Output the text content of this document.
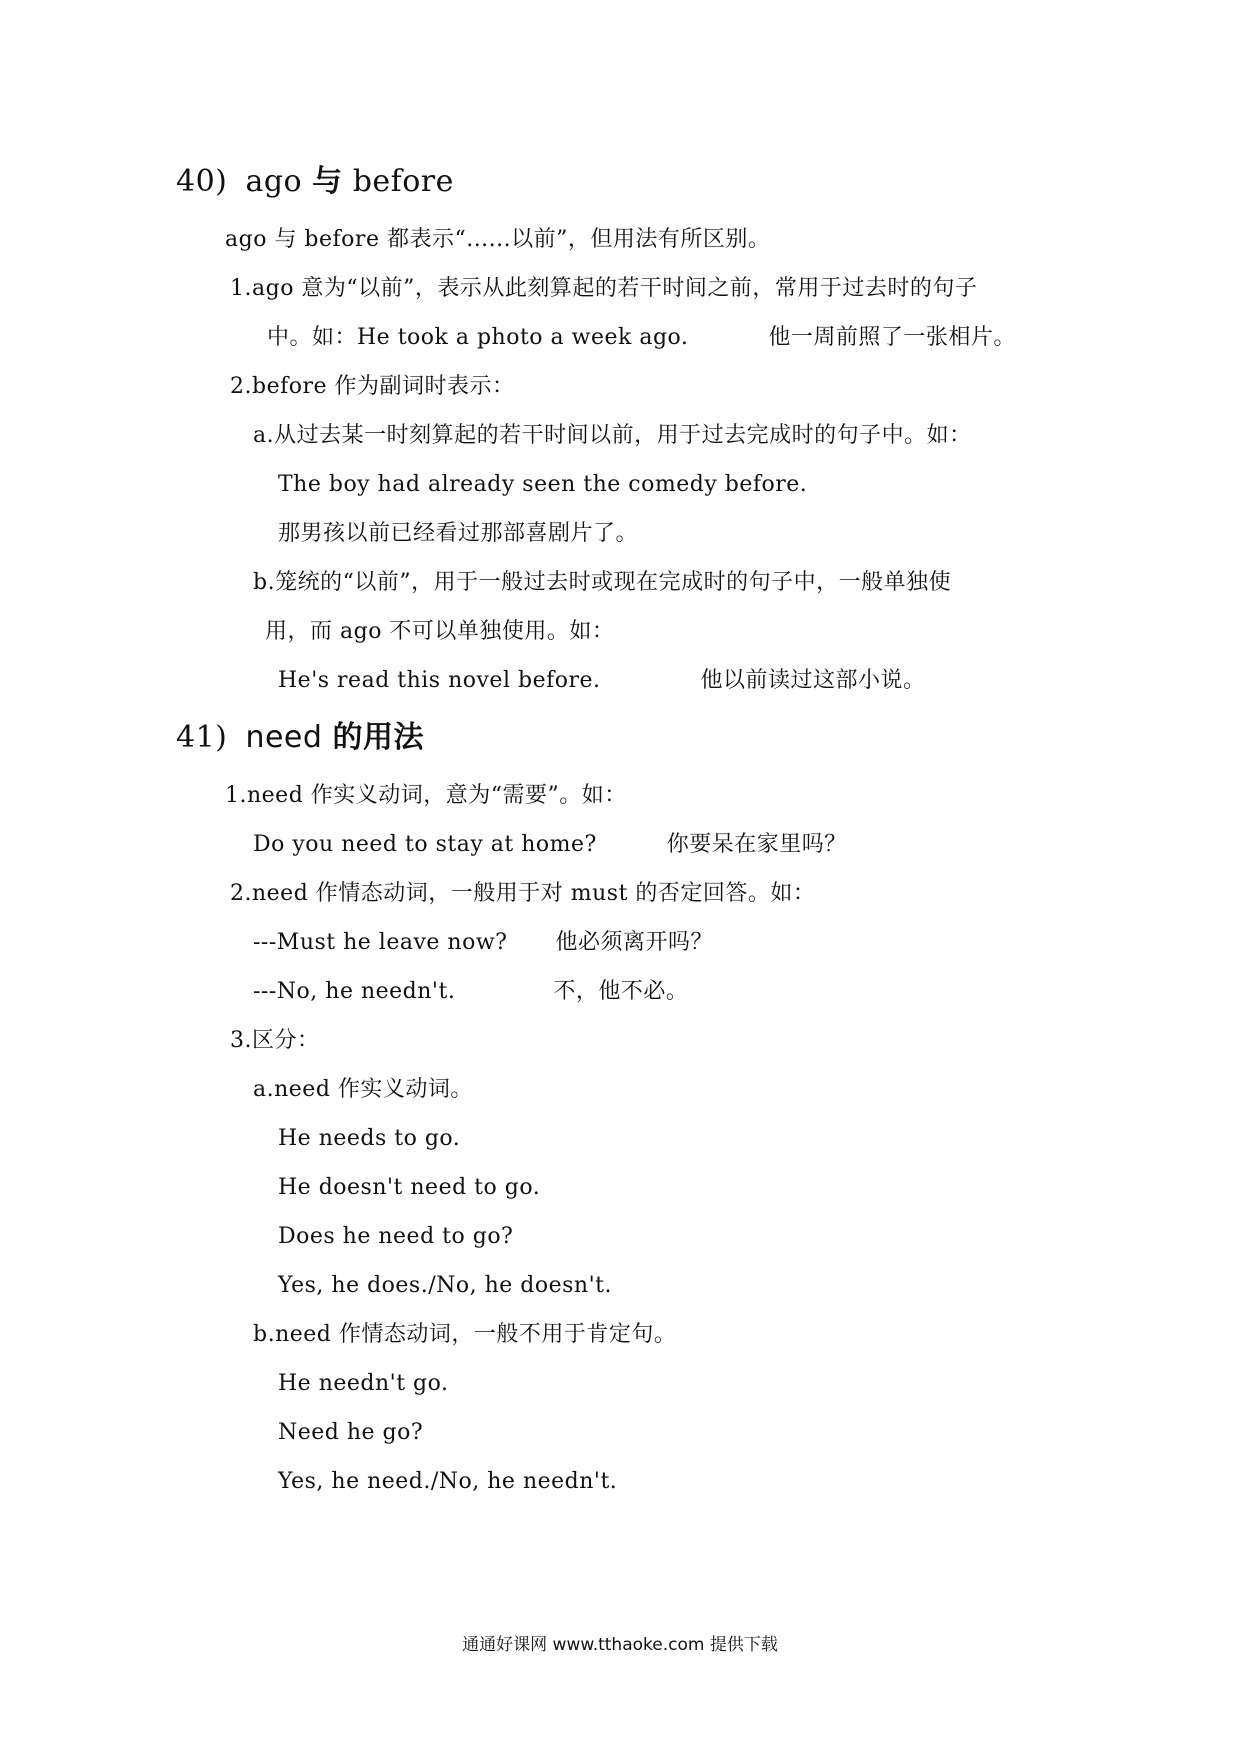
40) ago 与 before
ago 与 before 都表示“......以前”，但用法有所区别。
1.ago 意为“以前”，表示从此刻算起的若干时间之前，常用于过去时的句子
中。如：He took a photo a week ago.	他一周前照了一张相片。
2.before 作为副词时表示：
a.从过去某一时刻算起的若干时间以前，用于过去完成时的句子中。如：
The boy had already seen the comedy before.
那男孩以前已经看过那部喜剧片了。
b.笼统的“以前”，用于一般过去时或现在完成时的句子中，一般单独使
用，而 ago 不可以单独使用。如：
He's read this novel before.	他以前读过这部小说。
41) need 的用法
1.need 作实义动词，意为“需要”。如：
Do you need to stay at home?	你要呆在家里吗？
2.need 作情态动词，一般用于对 must 的否定回答。如：
---Must he leave now? 他必须离开吗？
---No, he needn't.	不，他不必。
3.区分：
a.need 作实义动词。
He needs to go.
He doesn't need to go.
Does he need to go?
Yes, he does./No, he doesn't.
b.need 作情态动词，一般不用于肯定句。
He needn't go.
Need he go?
Yes, he need./No, he needn't.
通通好课网 www.tthaoke.com 提供下载
